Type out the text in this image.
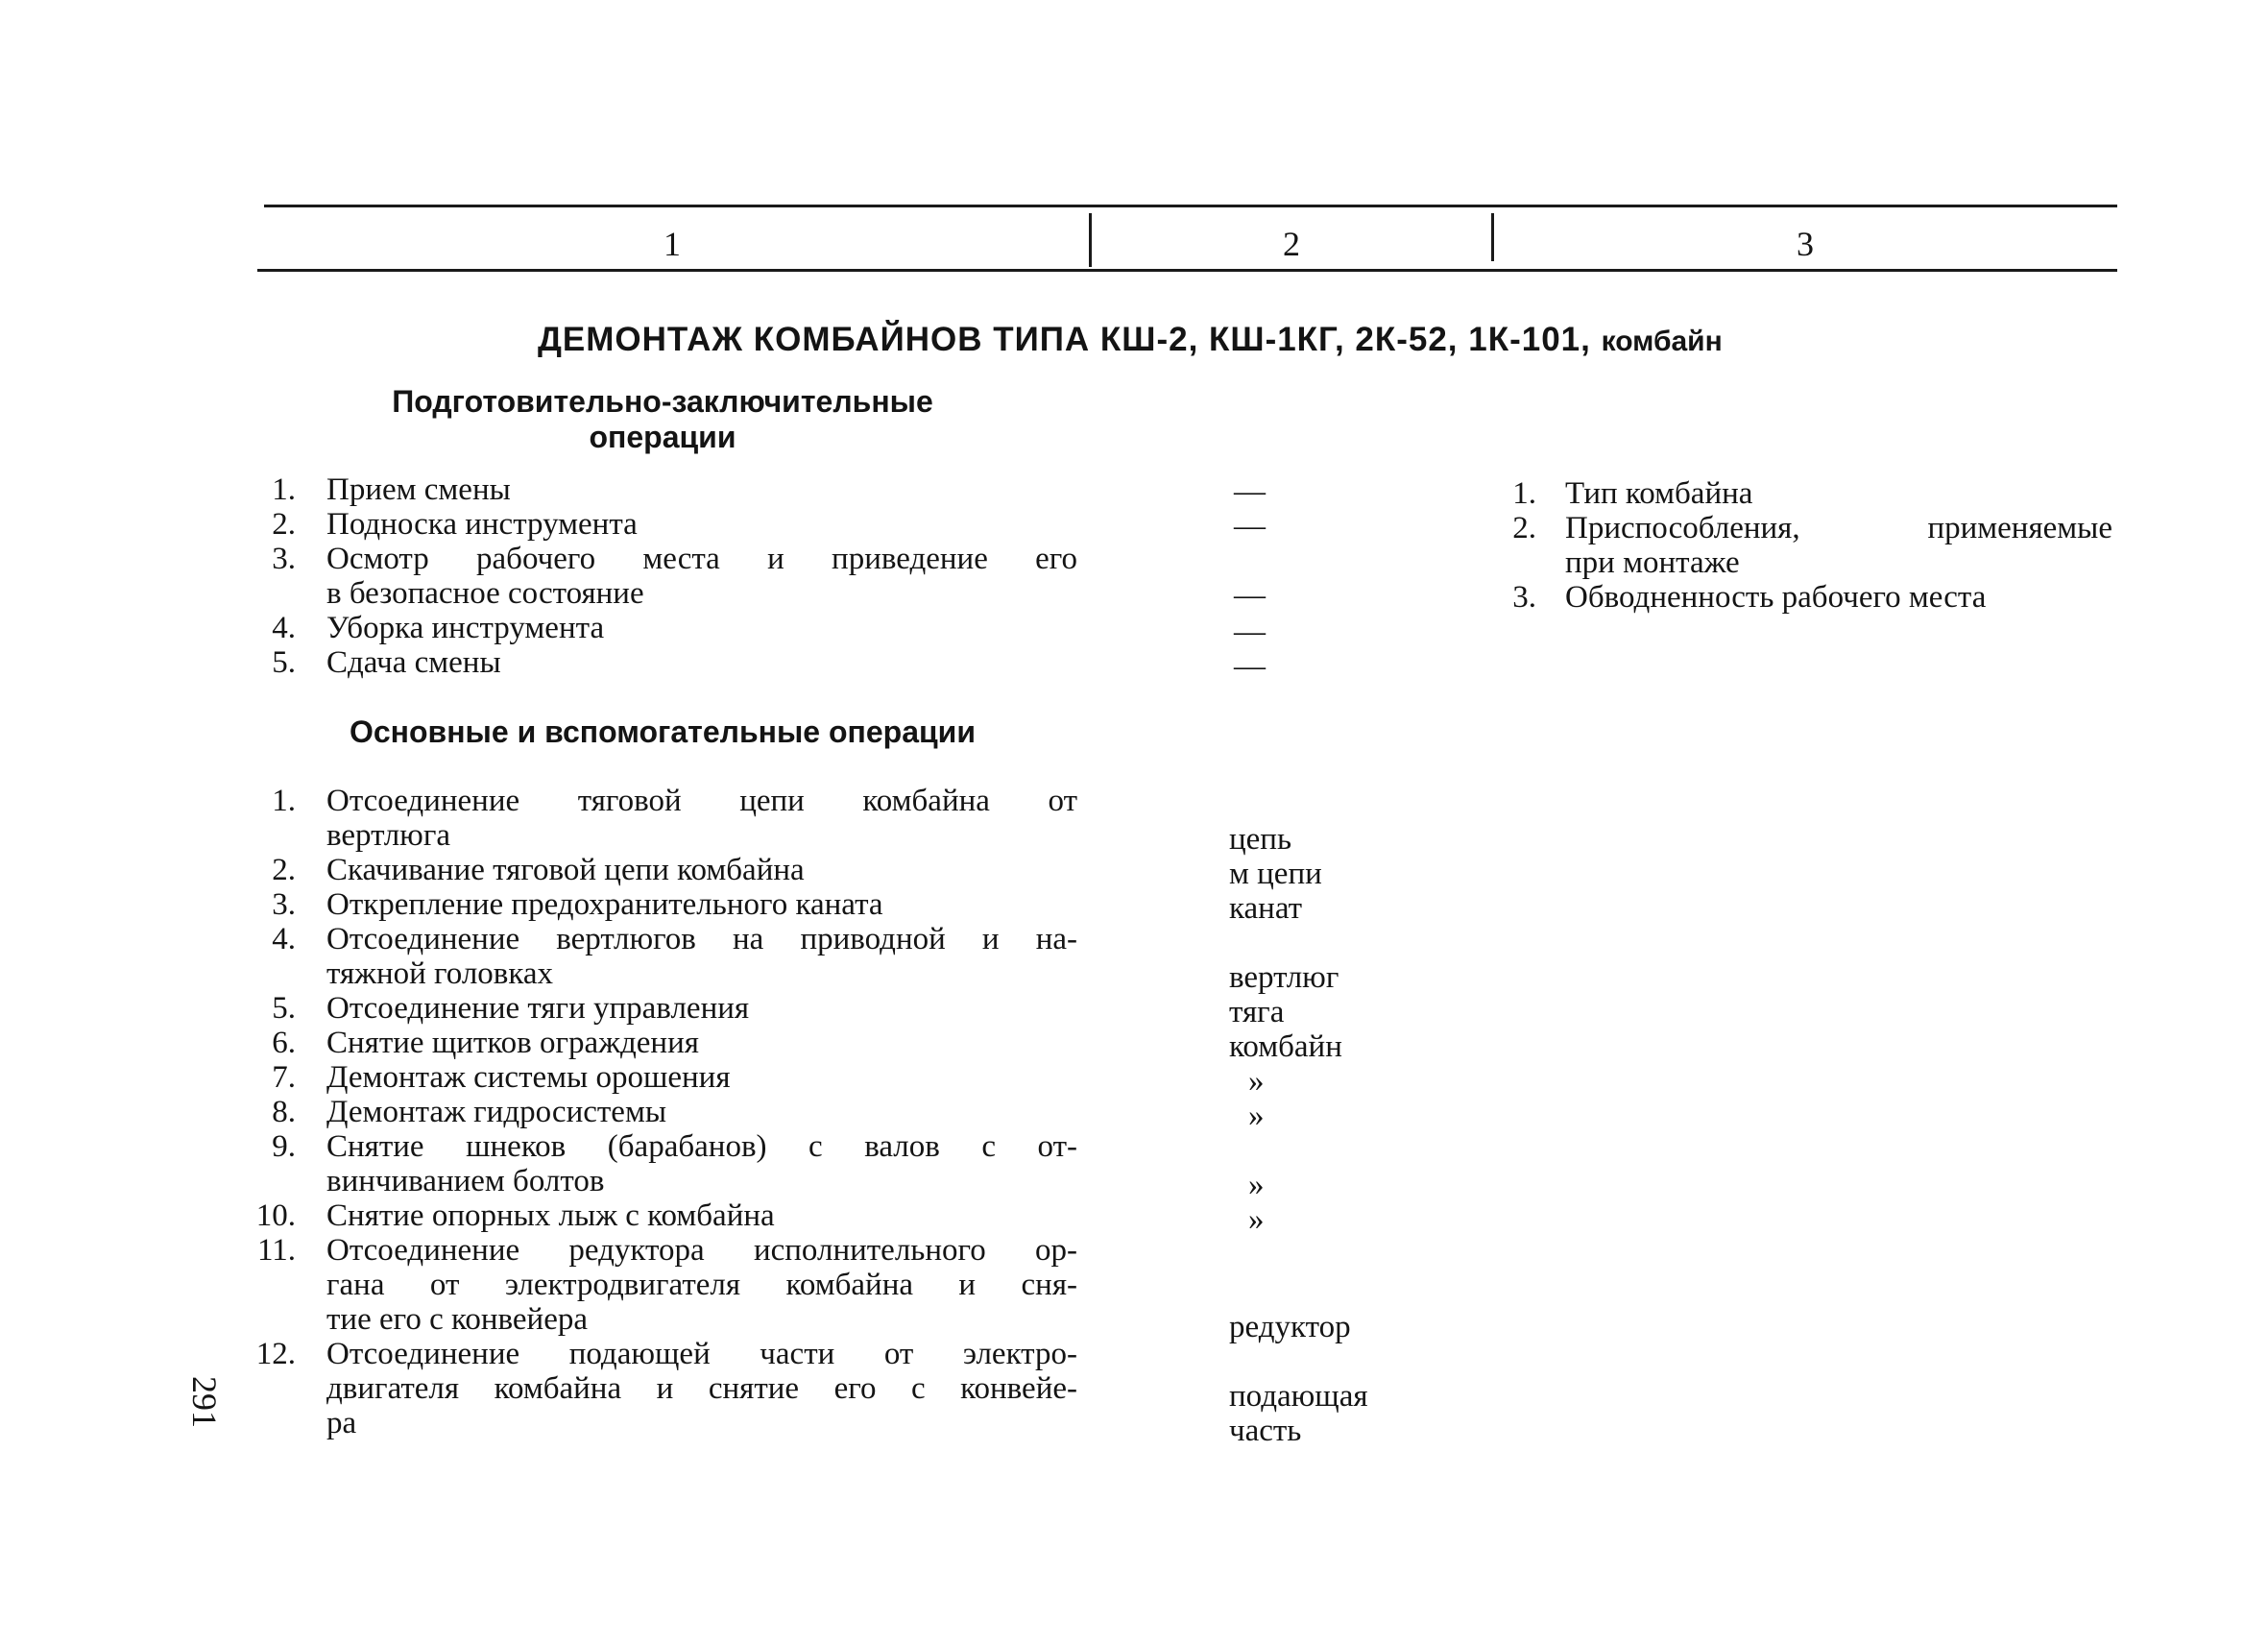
1	2	3
ДЕМОНТАЖ КОМБАЙНОВ ТИПА КШ-2, КШ-1КГ, 2К-52, 1К-101, комбайн
Подготовительно-заключительные
операции
1. Прием смены
2. Подноска инструмента
3. Осмотр рабочего места и приведение его
в безопасное состояние
4. Уборка инструмента
5. Сдача смены
—
—
—
—
—
1. Тип комбайна
2. Приспособления, применяемые
при монтаже
3. Обводненность рабочего места
Основные и вспомогательные операции
1. Отсоединение тяговой цепи комбайна от
вертлюга
2. Скачивание тяговой цепи комбайна
3. Открепление предохранительного каната
4. Отсоединение вертлюгов на приводной и на-
тяжной головках
5. Отсоединение тяги управления
6. Снятие щитков ограждения
7. Демонтаж системы орошения
8. Демонтаж гидросистемы
9. Снятие шнеков (барабанов) с валов с от-
винчиванием болтов
10. Снятие опорных лыж с комбайна
11. Отсоединение редуктора исполнительного ор-
гана от электродвигателя комбайна и сня-
тие его с конвейера
12. Отсоединение подающей части от электро-
двигателя комбайна и снятие его с конвейе-
ра
цепь
м цепи
канат
вертлюг
тяга
комбайн
»
»
»
»
редуктор
подающая
часть
291
